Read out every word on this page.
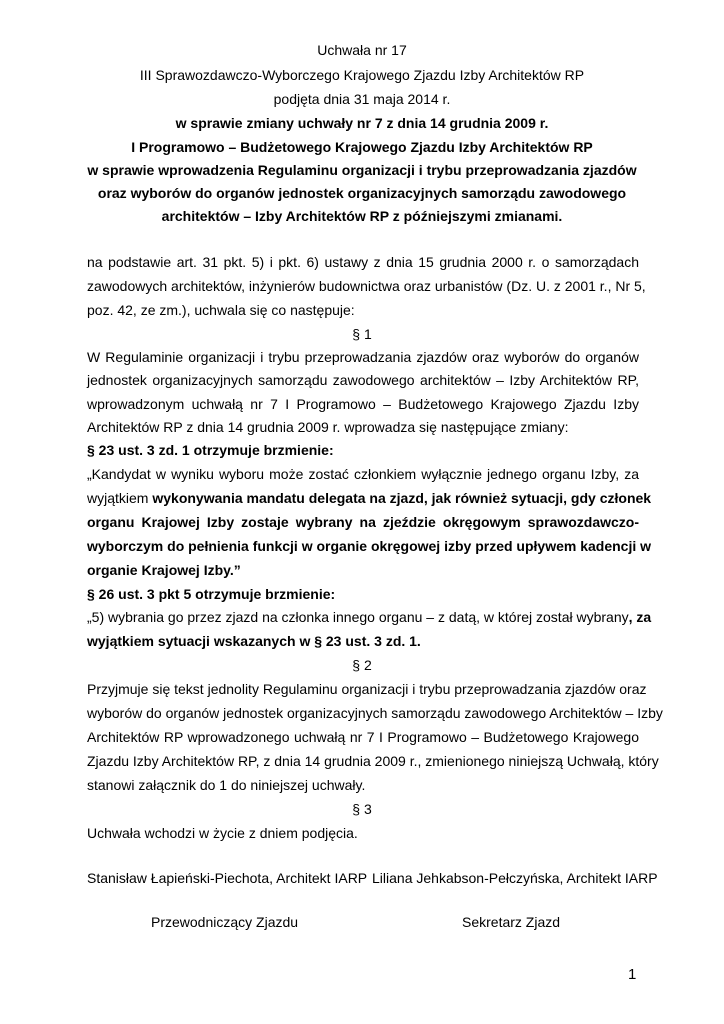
Uchwała nr 17
III Sprawozdawczo-Wyborczego Krajowego Zjazdu Izby Architektów RP
podjęta dnia 31 maja 2014 r.
w sprawie zmiany uchwały nr 7 z dnia 14 grudnia 2009 r.
I Programowo – Budżetowego Krajowego Zjazdu Izby Architektów RP
w sprawie wprowadzenia Regulaminu organizacji i trybu przeprowadzania zjazdów
oraz wyborów do organów jednostek organizacyjnych samorządu zawodowego
architektów – Izby Architektów RP z późniejszymi zmianami.
na podstawie art. 31 pkt. 5) i pkt. 6) ustawy z dnia 15 grudnia 2000 r. o samorządach
zawodowych architektów, inżynierów budownictwa oraz urbanistów (Dz. U. z 2001 r., Nr 5,
poz. 42, ze zm.), uchwala się co następuje:
§ 1
W Regulaminie organizacji i trybu przeprowadzania zjazdów oraz wyborów do organów
jednostek organizacyjnych samorządu zawodowego architektów – Izby Architektów RP,
wprowadzonym uchwałą nr 7 I Programowo – Budżetowego Krajowego Zjazdu Izby
Architektów RP z dnia 14 grudnia 2009 r. wprowadza się następujące zmiany:
§ 23 ust. 3 zd. 1 otrzymuje brzmienie:
„Kandydat w wyniku wyboru może zostać członkiem wyłącznie jednego organu Izby, za
wyjątkiem wykonywania mandatu delegata na zjazd, jak również sytuacji, gdy członek
organu Krajowej Izby zostaje wybrany na zjeździe okręgowym sprawozdawczo-
wyborczym do pełnienia funkcji w organie okręgowej izby przed upływem kadencji w
organie Krajowej Izby.”
§ 26 ust. 3 pkt 5 otrzymuje brzmienie:
„5) wybrania go przez zjazd na członka innego organu – z datą, w której został wybrany, za
wyjątkiem sytuacji wskazanych w § 23 ust. 3 zd. 1.
§ 2
Przyjmuje się tekst jednolity Regulaminu organizacji i trybu przeprowadzania zjazdów oraz
wyborów do organów jednostek organizacyjnych samorządu zawodowego Architektów – Izby
Architektów RP wprowadzonego uchwałą nr 7 I Programowo – Budżetowego Krajowego
Zjazdu Izby Architektów RP, z dnia 14 grudnia 2009 r., zmienionego niniejszą Uchwałą, który
stanowi załącznik do 1 do niniejszej uchwały.
§ 3
Uchwała wchodzi w życie z dniem podjęcia.
Stanisław Łapieński-Piechota, Architekt IARP Liliana Jehkabson-Pełczyńska, Architekt IARP
Przewodniczący Zjazdu	Sekretarz Zjazd
1
